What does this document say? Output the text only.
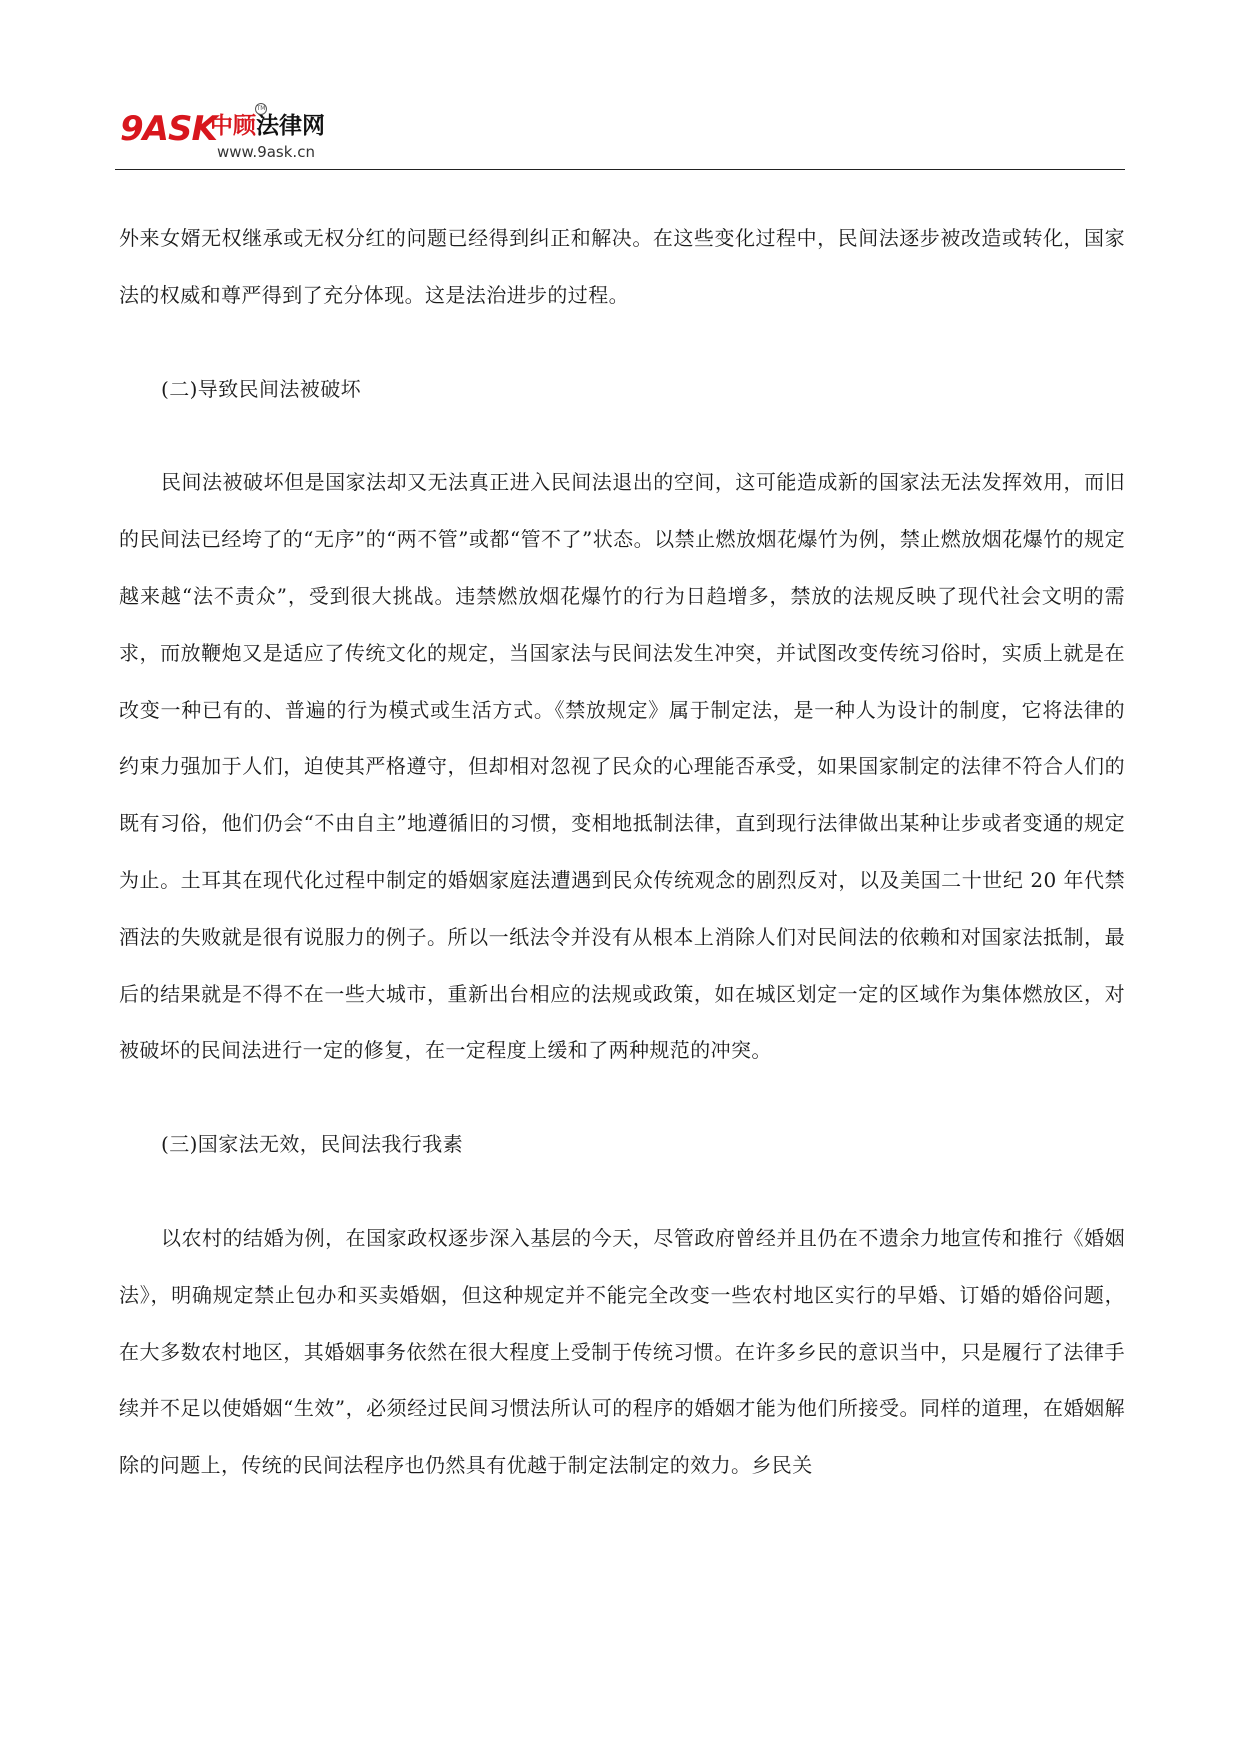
9ASK
中顾法律网
TM
www.9ask.cn

外来女婿无权继承或无权分红的问题已经得到纠正和解决。在这些变化过程中，民间法逐步被改造或转化，国家法的权威和尊严得到了充分体现。这是法治进步的过程。

(二)导致民间法被破坏

民间法被破坏但是国家法却又无法真正进入民间法退出的空间，这可能造成新的国家法无法发挥效用，而旧的民间法已经垮了的“无序”的“两不管”或都“管不了”状态。以禁止燃放烟花爆竹为例，禁止燃放烟花爆竹的规定越来越“法不责众”，受到很大挑战。违禁燃放烟花爆竹的行为日趋增多，禁放的法规反映了现代社会文明的需求，而放鞭炮又是适应了传统文化的规定，当国家法与民间法发生冲突，并试图改变传统习俗时，实质上就是在改变一种已有的、普遍的行为模式或生活方式。《禁放规定》属于制定法，是一种人为设计的制度，它将法律的约束力强加于人们，迫使其严格遵守，但却相对忽视了民众的心理能否承受，如果国家制定的法律不符合人们的既有习俗，他们仍会“不由自主”地遵循旧的习惯，变相地抵制法律，直到现行法律做出某种让步或者变通的规定为止。土耳其在现代化过程中制定的婚姻家庭法遭遇到民众传统观念的剧烈反对，以及美国二十世纪 20 年代禁酒法的失败就是很有说服力的例子。所以一纸法令并没有从根本上消除人们对民间法的依赖和对国家法抵制，最后的结果就是不得不在一些大城市，重新出台相应的法规或政策，如在城区划定一定的区域作为集体燃放区，对被破坏的民间法进行一定的修复，在一定程度上缓和了两种规范的冲突。

(三)国家法无效，民间法我行我素

以农村的结婚为例，在国家政权逐步深入基层的今天，尽管政府曾经并且仍在不遗余力地宣传和推行《婚姻法》，明确规定禁止包办和买卖婚姻，但这种规定并不能完全改变一些农村地区实行的早婚、订婚的婚俗问题，在大多数农村地区，其婚姻事务依然在很大程度上受制于传统习惯。在许多乡民的意识当中，只是履行了法律手续并不足以使婚姻“生效”，必须经过民间习惯法所认可的程序的婚姻才能为他们所接受。同样的道理，在婚姻解除的问题上，传统的民间法程序也仍然具有优越于制定法制定的效力。乡民关
